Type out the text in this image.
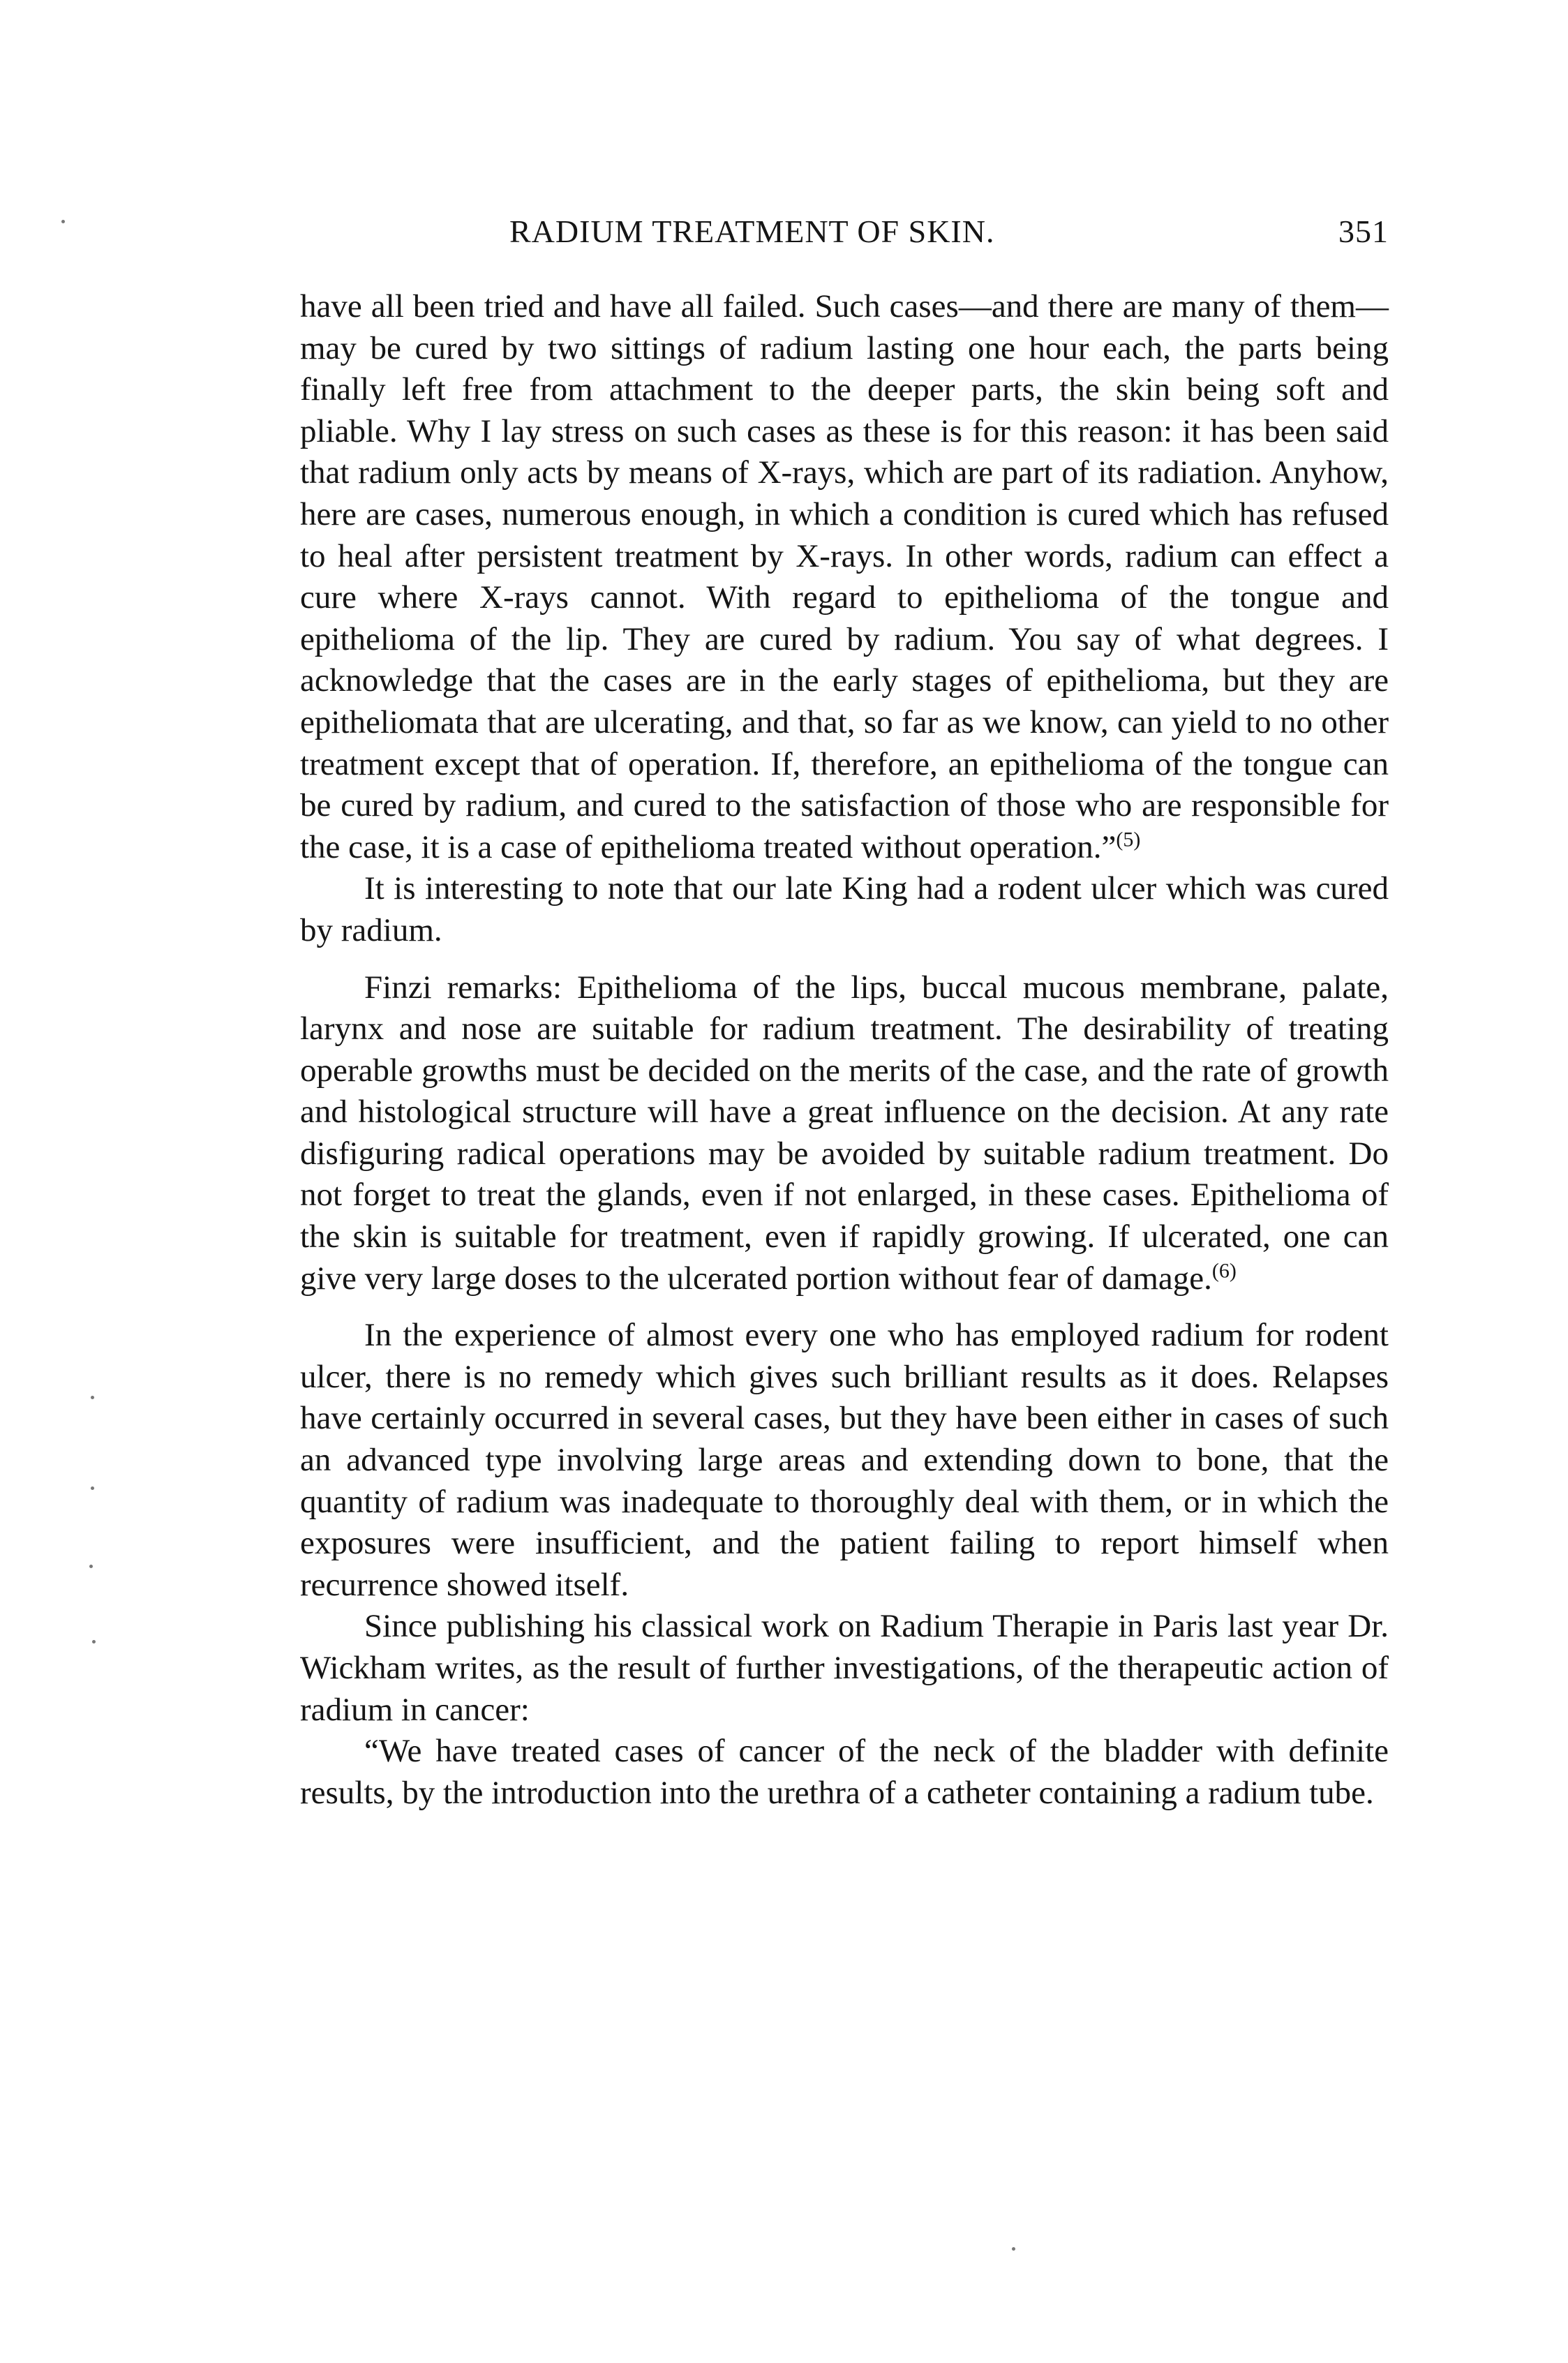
RADIUM TREATMENT OF SKIN.	351

have all been tried and have all failed. Such cases—and there are many of them—may be cured by two sittings of radium lasting one hour each, the parts being finally left free from attachment to the deeper parts, the skin being soft and pliable. Why I lay stress on such cases as these is for this reason: it has been said that radium only acts by means of X-rays, which are part of its radiation. Anyhow, here are cases, numerous enough, in which a condition is cured which has refused to heal after persistent treatment by X-rays. In other words, radium can effect a cure where X-rays cannot. With regard to epithelioma of the tongue and epithelioma of the lip. They are cured by radium. You say of what degrees. I acknowledge that the cases are in the early stages of epithelioma, but they are epitheliomata that are ulcerating, and that, so far as we know, can yield to no other treatment except that of operation. If, therefore, an epithelioma of the tongue can be cured by radium, and cured to the satisfaction of those who are responsible for the case, it is a case of epithelioma treated without operation.”$^{(5)}$

It is interesting to note that our late King had a rodent ulcer which was cured by radium.

Finzi remarks: Epithelioma of the lips, buccal mucous membrane, palate, larynx and nose are suitable for radium treatment. The desirability of treating operable growths must be decided on the merits of the case, and the rate of growth and histological structure will have a great influence on the decision. At any rate disfiguring radical operations may be avoided by suitable radium treatment. Do not forget to treat the glands, even if not enlarged, in these cases. Epithelioma of the skin is suitable for treatment, even if rapidly growing. If ulcerated, one can give very large doses to the ulcerated portion without fear of damage.$^{(6)}$

In the experience of almost every one who has employed radium for rodent ulcer, there is no remedy which gives such brilliant results as it does. Relapses have certainly occurred in several cases, but they have been either in cases of such an advanced type involving large areas and extending down to bone, that the quantity of radium was inadequate to thoroughly deal with them, or in which the exposures were insufficient, and the patient failing to report himself when recurrence showed itself.

Since publishing his classical work on Radium Therapie in Paris last year Dr. Wickham writes, as the result of further investigations, of the therapeutic action of radium in cancer:

“We have treated cases of cancer of the neck of the bladder with definite results, by the introduction into the urethra of a catheter containing a radium tube.
